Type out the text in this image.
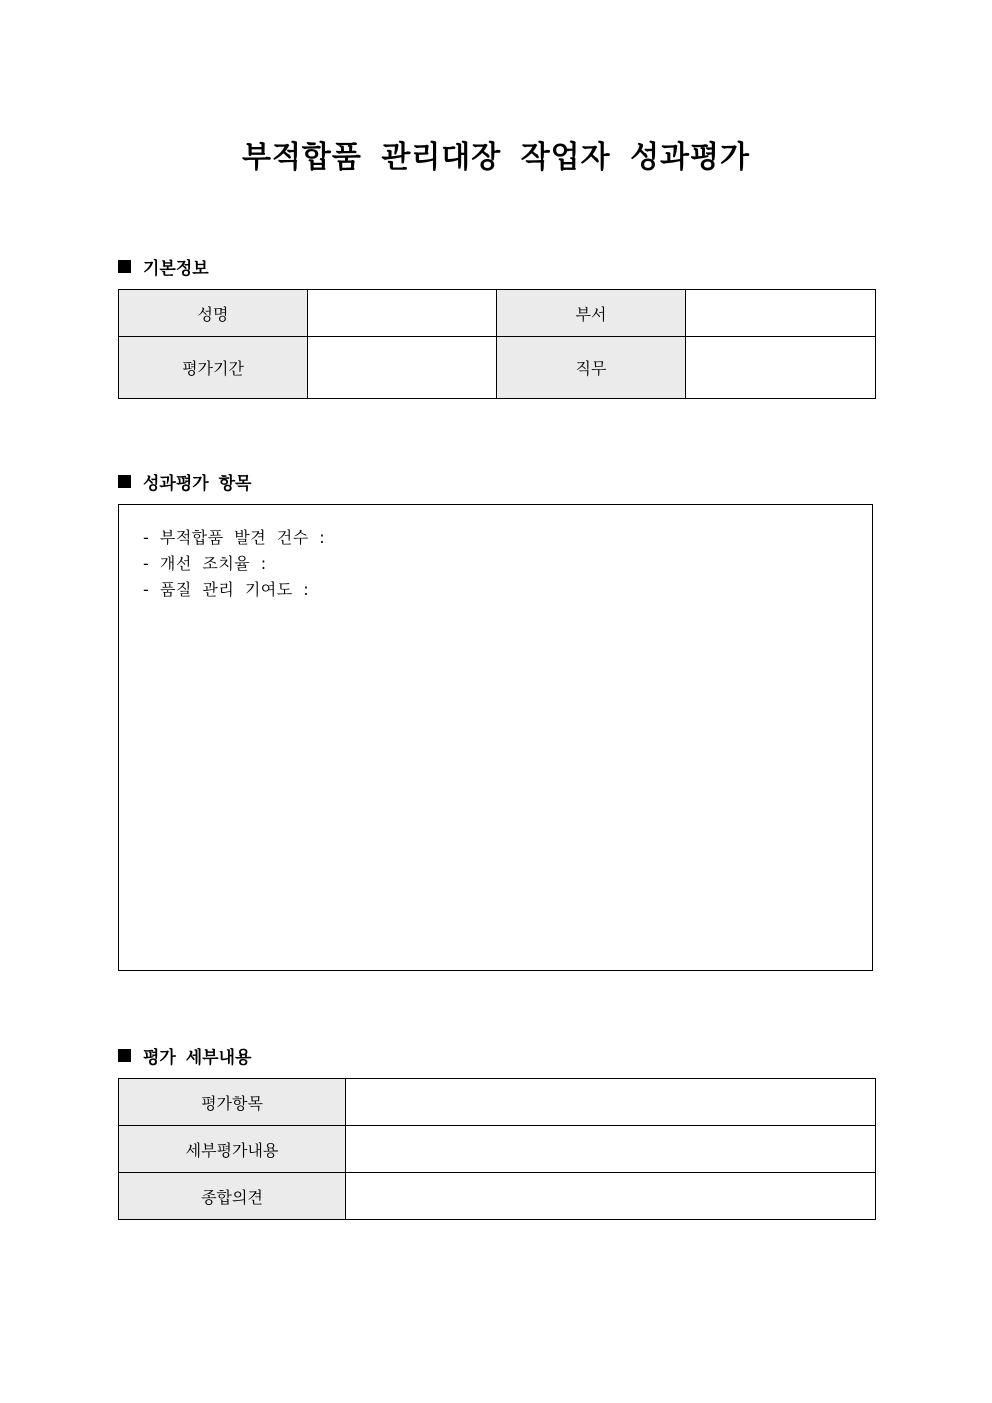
부적합품 관리대장 작업자 성과평가
기본정보
성명		부서	
평가기간		직무	
성과평가 항목
- 부적합품 발견 건수 :
- 개선 조치율 :
- 품질 관리 기여도 :
평가 세부내용
평가항목	
세부평가내용	
종합의견	
